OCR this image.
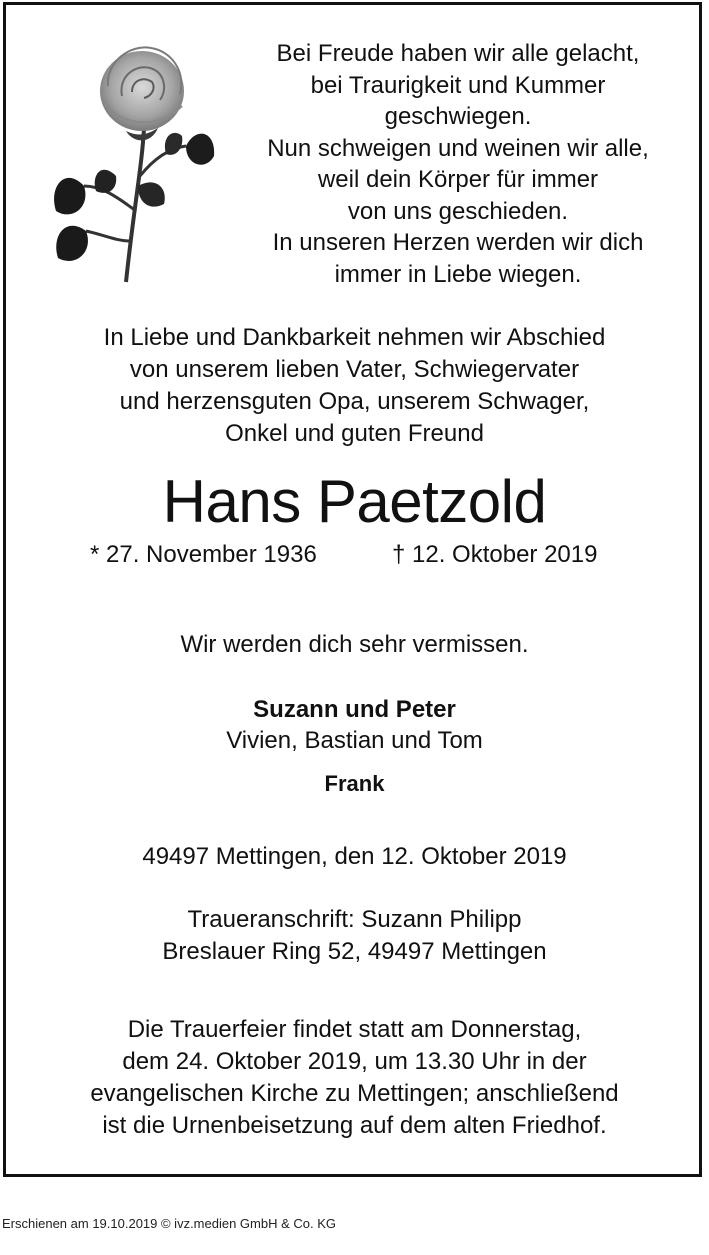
Bei Freude haben wir alle gelacht,
bei Traurigkeit und Kummer
geschwiegen.
Nun schweigen und weinen wir alle,
weil dein Körper für immer
von uns geschieden.
In unseren Herzen werden wir dich
immer in Liebe wiegen.
In Liebe und Dankbarkeit nehmen wir Abschied
von unserem lieben Vater, Schwiegervater
und herzensguten Opa, unserem Schwager,
Onkel und guten Freund
Hans Paetzold
* 27. November 1936	† 12. Oktober 2019
Wir werden dich sehr vermissen.
Suzann und Peter
Vivien, Bastian und Tom
Frank
49497 Mettingen, den 12. Oktober 2019
Traueranschrift: Suzann Philipp
Breslauer Ring 52, 49497 Mettingen
Die Trauerfeier findet statt am Donnerstag,
dem 24. Oktober 2019, um 13.30 Uhr in der
evangelischen Kirche zu Mettingen; anschließend
ist die Urnenbeisetzung auf dem alten Friedhof.
Erschienen am 19.10.2019 © ivz.medien GmbH & Co. KG
